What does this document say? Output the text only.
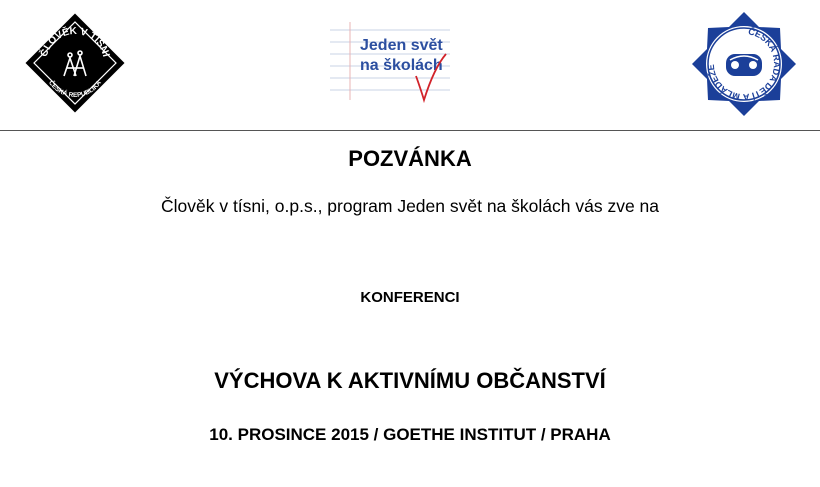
ČLOVĚK V TÍSNI
ČESKÁ REPUBLIKA
Jeden svět
na školách
ČESKÁ RADA DĚTÍ A MLÁDEŽE
POZVÁNKA
Člověk v tísni, o.p.s., program Jeden svět na školách vás zve na
KONFERENCI
VÝCHOVA K AKTIVNÍMU OBČANSTVÍ
10. PROSINCE 2015 / GOETHE INSTITUT / PRAHA
